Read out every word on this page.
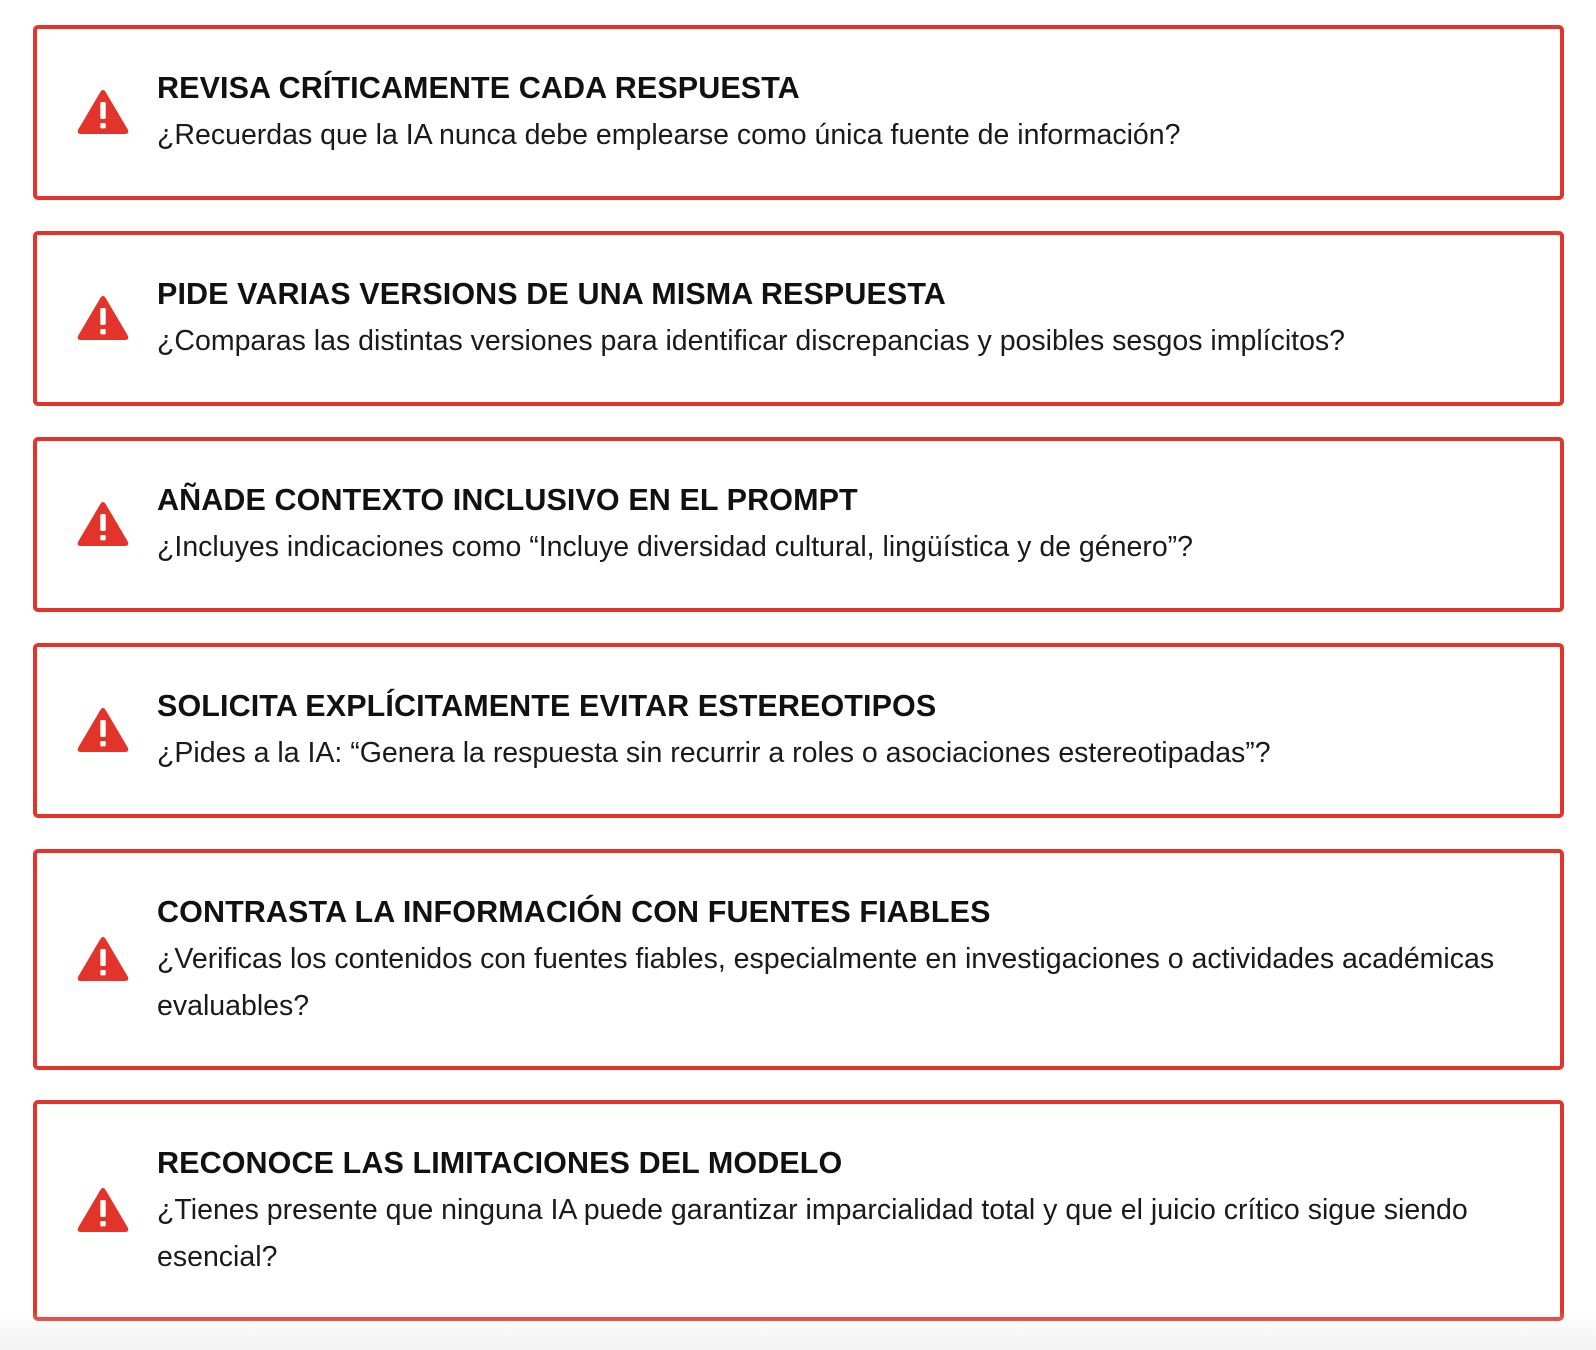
REVISA CRÍTICAMENTE CADA RESPUESTA
¿Recuerdas que la IA nunca debe emplearse como única fuente de información?
PIDE VARIAS VERSIONS DE UNA MISMA RESPUESTA
¿Comparas las distintas versiones para identificar discrepancias y posibles sesgos implícitos?
AÑADE CONTEXTO INCLUSIVO EN EL PROMPT
¿Incluyes indicaciones como “Incluye diversidad cultural, lingüística y de género”?
SOLICITA EXPLÍCITAMENTE EVITAR ESTEREOTIPOS
¿Pides a la IA: “Genera la respuesta sin recurrir a roles o asociaciones estereotipadas”?
CONTRASTA LA INFORMACIÓN CON FUENTES FIABLES
¿Verificas los contenidos con fuentes fiables, especialmente en investigaciones o actividades académicas evaluables?
RECONOCE LAS LIMITACIONES DEL MODELO
¿Tienes presente que ninguna IA puede garantizar imparcialidad total y que el juicio crítico sigue siendo esencial?
